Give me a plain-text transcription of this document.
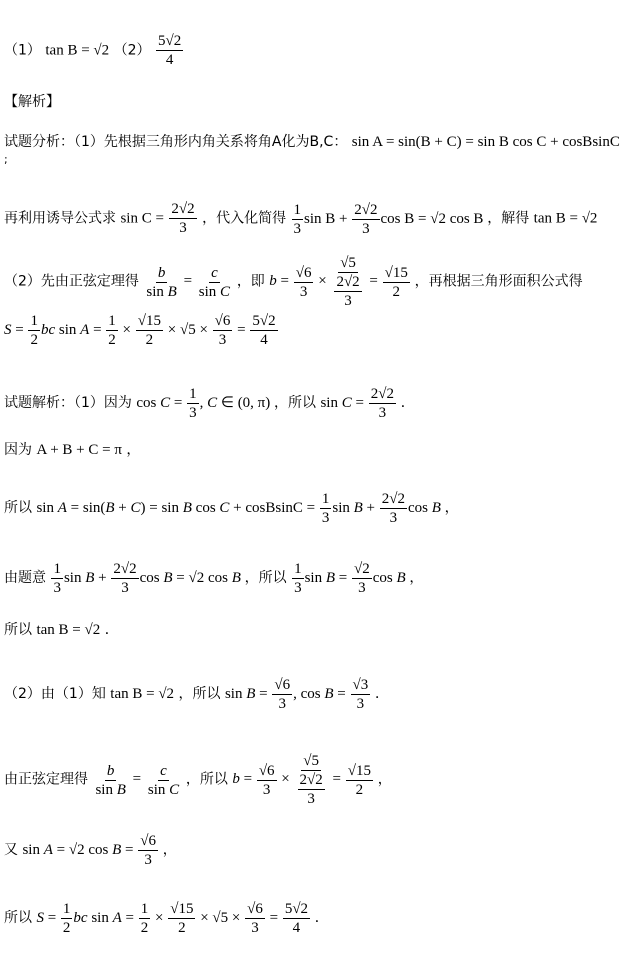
（1） tan B = √2 $(2) \frac{5√2}{4}$
【解析】
试题分析：（1）先根据三角形内角关系将角A化为B,C： sin A = sin(B + C) = sin B cos C + cosBsinC
;
再利用诱导公式求 $\sin C = \frac{2√2}{3}$ ，代入化简得 $\frac{1}{3}$ $\sin B + \frac{2√2}{3}$ cos B = √2 cos B ，解得 tan B = √2
（2）先由正弦定理得 $\frac{b}{\text{sin B}} = \frac{c}{\text{sin C}}$ ，即 $b = \frac{√6}{3} \times \frac{√5}{\frac{2√2}{3}} = \frac{√15}{2}$ ，再根据三角形面积公式得
$S = \frac{1}{2}$ bc $\sin A = \frac{1}{2} \times \frac{√15}{2} \times √5 \times \frac{√6}{3} = \frac{5√2}{4}$
试题解析：（1）因为 $\cos C = \frac{1}{3}$ , C ∈ (0, π) ，所以 $\sin C = \frac{2√2}{3}$ ．
因为 A + B + C = π ，
所以 sin A = sin(B + C) = sin B cos C + cosBsinC = $\frac{1}{3}$ $\sin B + \frac{2√2}{3}$ cos B ，
由题意 $\frac{1}{3}$ $\sin B + \frac{2√2}{3}$ cos B = √2 cos B ，所以 $\frac{1}{3}$ $\sin B = \frac{√2}{3}$ cos B ，
所以 tan B = √2 ．
（2）由（1）知 tan B = √2 ，所以 $\sin B = \frac{√6}{3}$ , $\cos B = \frac{√3}{3}$ ．
由正弦定理得 $\frac{b}{\text{sin B}} = \frac{c}{\text{sin C}}$ ，所以 $b = \frac{√6}{3} \times \frac{√5}{\frac{2√2}{3}} = \frac{√15}{2}$ ，
又 sin A = √2 $\cos B = \frac{√6}{3}$ ，
所以 $S = \frac{1}{2}$ bc $\sin A = \frac{1}{2} \times \frac{√15}{2} \times √5 \times \frac{√6}{3} = \frac{5√2}{4}$ ．
